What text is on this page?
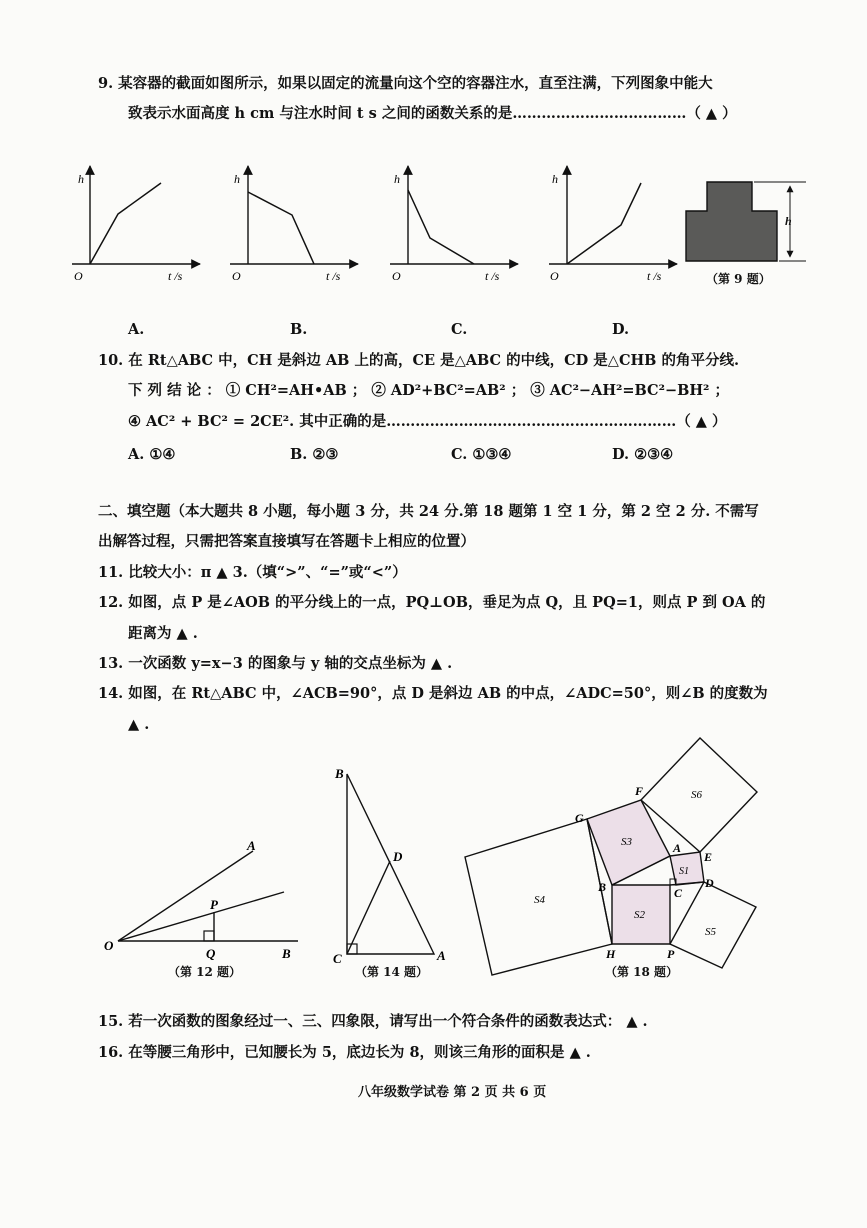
9. 某容器的截面如图所示，如果以固定的流量向这个空的容器注水，直至注满，下列图象中能大
致表示水面高度 h cm 与注水时间 t s 之间的函数关系的是………………………………（ ▲ ）
h
t /s
O
h
t /s
O
h
t /s
O
h
t /s
O
h
（第 9 题）
A.	B.	C.	D.
10. 在 Rt△ABC 中，CH 是斜边 AB 上的高，CE 是△ABC 的中线，CD 是△CHB 的角平分线.
下 列 结 论 ： ① CH²=AH•AB ； ② AD²+BC²=AB² ； ③ AC²−AH²=BC²−BH² ；
④ AC² + BC² = 2CE². 其中正确的是……………………………………………………（ ▲ ）
A. ①④	B. ②③	C. ①③④	D. ②③④
二、填空题（本大题共 8 小题，每小题 3 分，共 24 分.第 18 题第 1 空 1 分，第 2 空 2 分. 不需写
出解答过程，只需把答案直接填写在答题卡上相应的位置）
11. 比较大小：π ▲ 3.（填“>”、“=”或“<”）
12. 如图，点 P 是∠AOB 的平分线上的一点，PQ⊥OB，垂足为点 Q，且 PQ=1，则点 P 到 OA 的
距离为 ▲ .
13. 一次函数 y=x−3 的图象与 y 轴的交点坐标为 ▲ .
14. 如图，在 Rt△ABC 中，∠ACB=90°，点 D 是斜边 AB 的中点，∠ADC=50°，则∠B 的度数为
▲ .
A
P
O
Q	B
B
D
C	A
F
G
A
E
B	C
D
H	P
S3
S6
S1
S2
S4
S5
（第 12 题）	（第 14 题）	（第 18 题）
15. 若一次函数的图象经过一、三、四象限，请写出一个符合条件的函数表达式： ▲ .
16. 在等腰三角形中，已知腰长为 5，底边长为 8，则该三角形的面积是 ▲ .
八年级数学试卷 第 2 页 共 6 页
